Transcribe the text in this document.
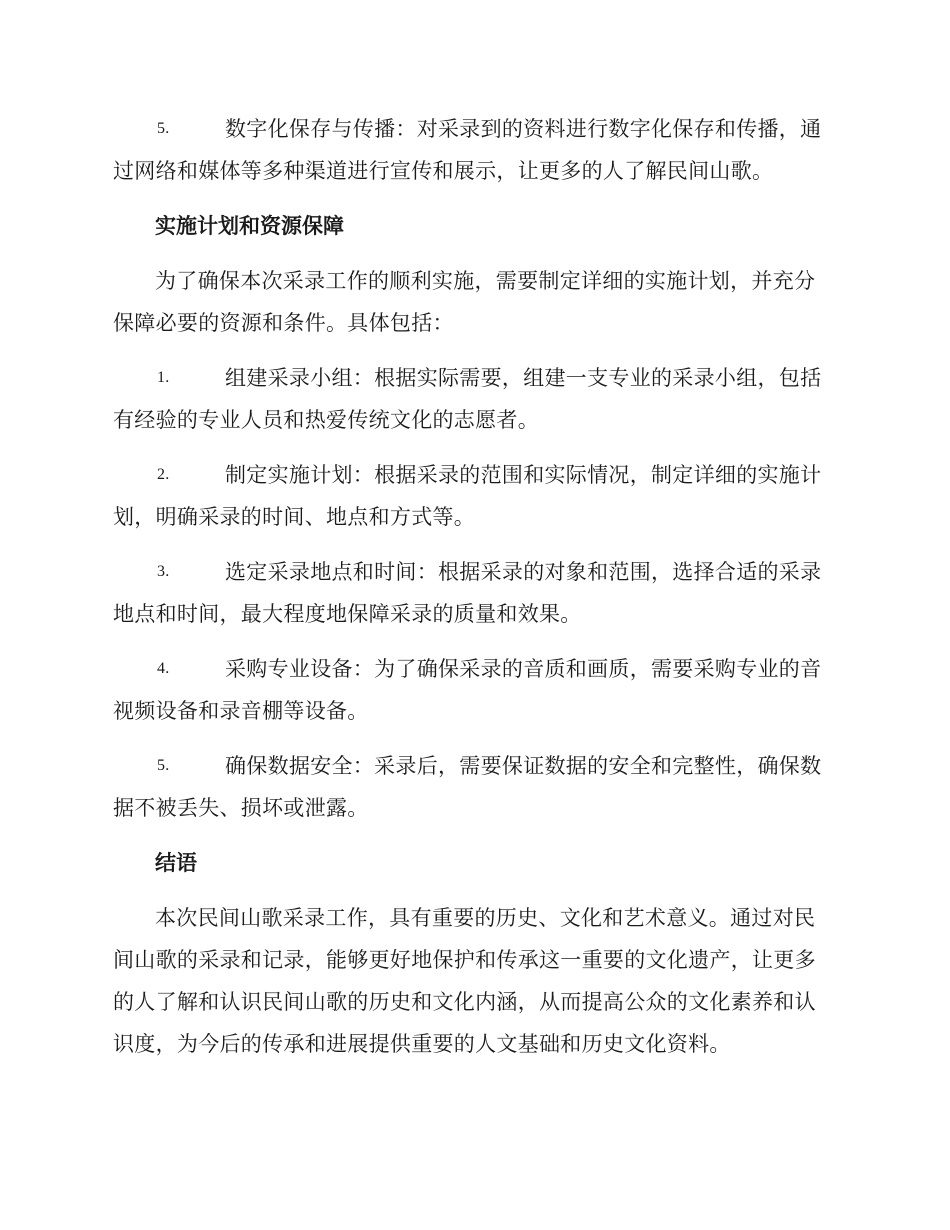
5.	数字化保存与传播：对采录到的资料进行数字化保存和传播，通过网络和媒体等多种渠道进行宣传和展示，让更多的人了解民间山歌。

实施计划和资源保障

为了确保本次采录工作的顺利实施，需要制定详细的实施计划，并充分保障必要的资源和条件。具体包括：

1.	组建采录小组：根据实际需要，组建一支专业的采录小组，包括有经验的专业人员和热爱传统文化的志愿者。

2.	制定实施计划：根据采录的范围和实际情况，制定详细的实施计划，明确采录的时间、地点和方式等。

3.	选定采录地点和时间：根据采录的对象和范围，选择合适的采录地点和时间，最大程度地保障采录的质量和效果。

4.	采购专业设备：为了确保采录的音质和画质，需要采购专业的音视频设备和录音棚等设备。

5.	确保数据安全：采录后，需要保证数据的安全和完整性，确保数据不被丢失、损坏或泄露。

结语

本次民间山歌采录工作，具有重要的历史、文化和艺术意义。通过对民间山歌的采录和记录，能够更好地保护和传承这一重要的文化遗产，让更多的人了解和认识民间山歌的历史和文化内涵，从而提高公众的文化素养和认识度，为今后的传承和进展提供重要的人文基础和历史文化资料。
